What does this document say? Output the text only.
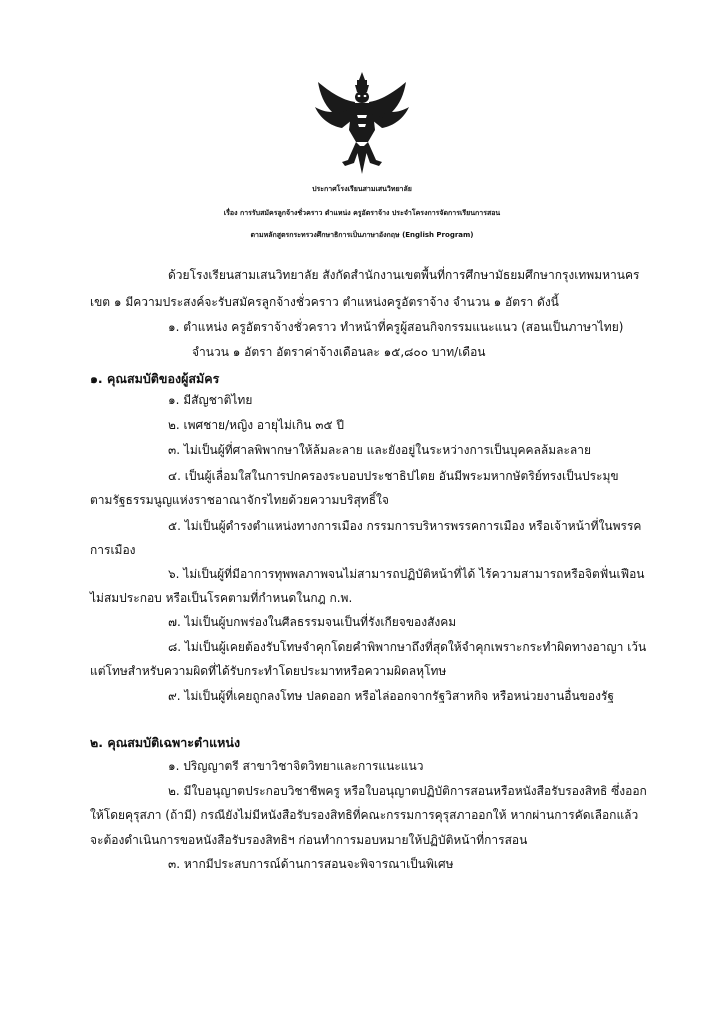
ประกาศโรงเรียนสามเสนวิทยาลัย
เรื่อง การรับสมัครลูกจ้างชั่วคราว ตำแหน่ง ครูอัตราจ้าง ประจำโครงการจัดการเรียนการสอน
ตามหลักสูตรกระทรวงศึกษาธิการเป็นภาษาอังกฤษ (English Program)
ด้วยโรงเรียนสามเสนวิทยาลัย สังกัดสำนักงานเขตพื้นที่การศึกษามัธยมศึกษากรุงเทพมหานคร
เขต ๑ มีความประสงค์จะรับสมัครลูกจ้างชั่วคราว ตำแหน่งครูอัตราจ้าง จำนวน ๑ อัตรา ดังนี้
๑. ตำแหน่ง ครูอัตราจ้างชั่วคราว ทำหน้าที่ครูผู้สอนกิจกรรมแนะแนว (สอนเป็นภาษาไทย)
จำนวน ๑ อัตรา อัตราค่าจ้างเดือนละ ๑๕,๘๐๐ บาท/เดือน
๑. คุณสมบัติของผู้สมัคร
๑. มีสัญชาติไทย
๒. เพศชาย/หญิง อายุไม่เกิน ๓๕ ปี
๓. ไม่เป็นผู้ที่ศาลพิพากษาให้ล้มละลาย และยังอยู่ในระหว่างการเป็นบุคคลล้มละลาย
๔. เป็นผู้เลื่อมใสในการปกครองระบอบประชาธิปไตย อันมีพระมหากษัตริย์ทรงเป็นประมุข
ตามรัฐธรรมนูญแห่งราชอาณาจักรไทยด้วยความบริสุทธิ์ใจ
๕. ไม่เป็นผู้ดำรงตำแหน่งทางการเมือง กรรมการบริหารพรรคการเมือง หรือเจ้าหน้าที่ในพรรค
การเมือง
๖. ไม่เป็นผู้ที่มีอาการทุพพลภาพจนไม่สามารถปฏิบัติหน้าที่ได้ ไร้ความสามารถหรือจิตฟั่นเฟือน
ไม่สมประกอบ หรือเป็นโรคตามที่กำหนดในกฎ ก.พ.
๗. ไม่เป็นผู้บกพร่องในศีลธรรมจนเป็นที่รังเกียจของสังคม
๘. ไม่เป็นผู้เคยต้องรับโทษจำคุกโดยคำพิพากษาถึงที่สุดให้จำคุกเพราะกระทำผิดทางอาญา เว้น
แต่โทษสำหรับความผิดที่ได้รับกระทำโดยประมาทหรือความผิดลหุโทษ
๙. ไม่เป็นผู้ที่เคยถูกลงโทษ ปลดออก หรือไล่ออกจากรัฐวิสาหกิจ หรือหน่วยงานอื่นของรัฐ
๒. คุณสมบัติเฉพาะตำแหน่ง
๑. ปริญญาตรี สาขาวิชาจิตวิทยาและการแนะแนว
๒. มีใบอนุญาตประกอบวิชาชีพครู หรือใบอนุญาตปฏิบัติการสอนหรือหนังสือรับรองสิทธิ ซึ่งออก
ให้โดยคุรุสภา (ถ้ามี) กรณียังไม่มีหนังสือรับรองสิทธิที่คณะกรรมการคุรุสภาออกให้ หากผ่านการคัดเลือกแล้ว
จะต้องดำเนินการขอหนังสือรับรองสิทธิฯ ก่อนทำการมอบหมายให้ปฏิบัติหน้าที่การสอน
๓. หากมีประสบการณ์ด้านการสอนจะพิจารณาเป็นพิเศษ
